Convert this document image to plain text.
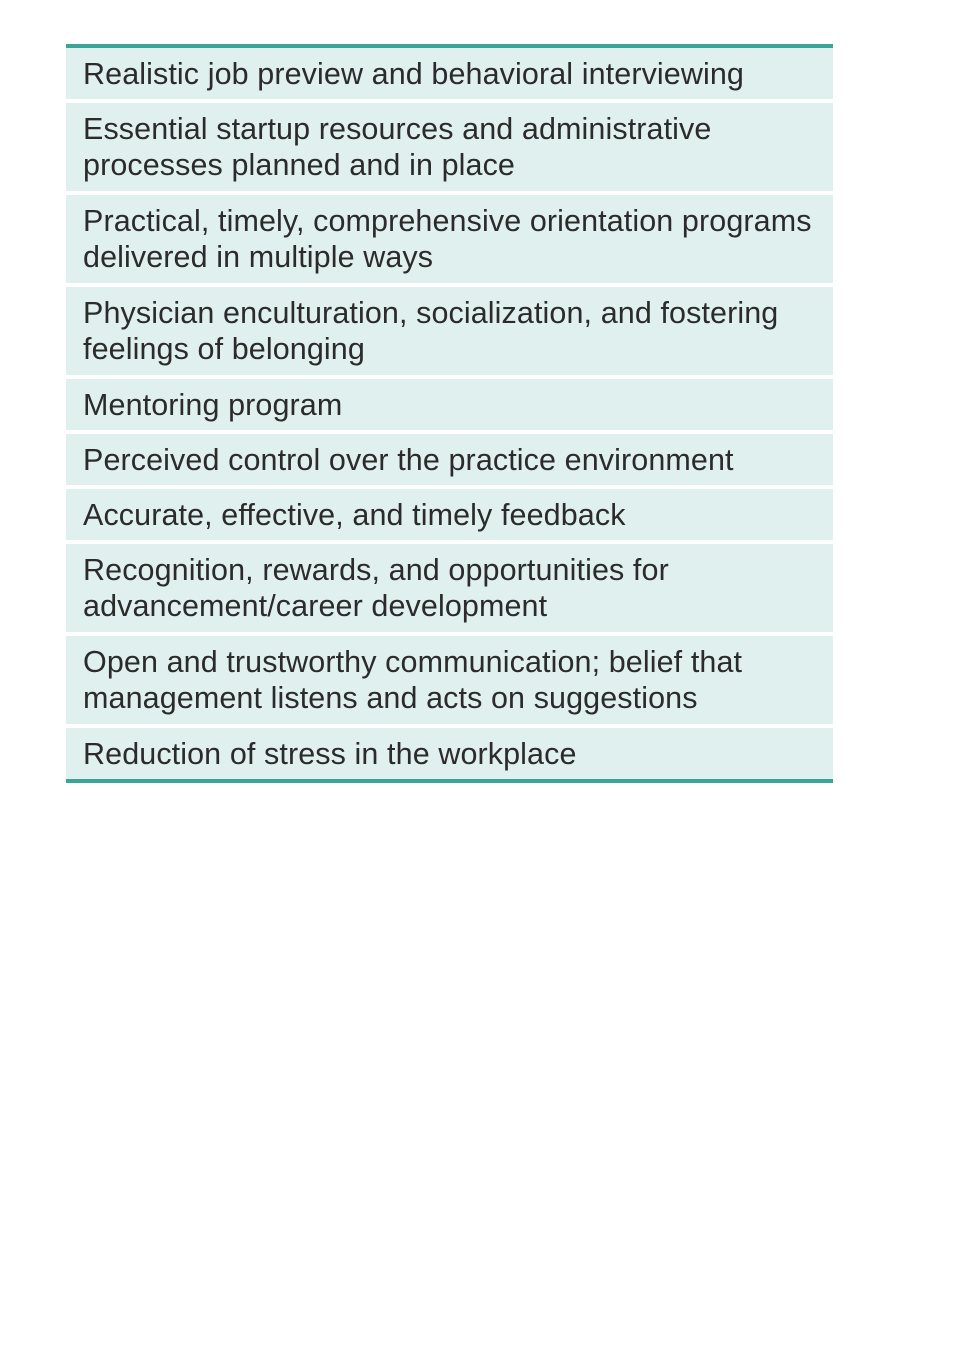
Realistic job preview and behavioral interviewing
Essential startup resources and administrative processes planned and in place
Practical, timely, comprehensive orientation programs delivered in multiple ways
Physician enculturation, socialization, and fostering feelings of belonging
Mentoring program
Perceived control over the practice environment
Accurate, effective, and timely feedback
Recognition, rewards, and opportunities for advancement/career development
Open and trustworthy communication; belief that management listens and acts on suggestions
Reduction of stress in the workplace
